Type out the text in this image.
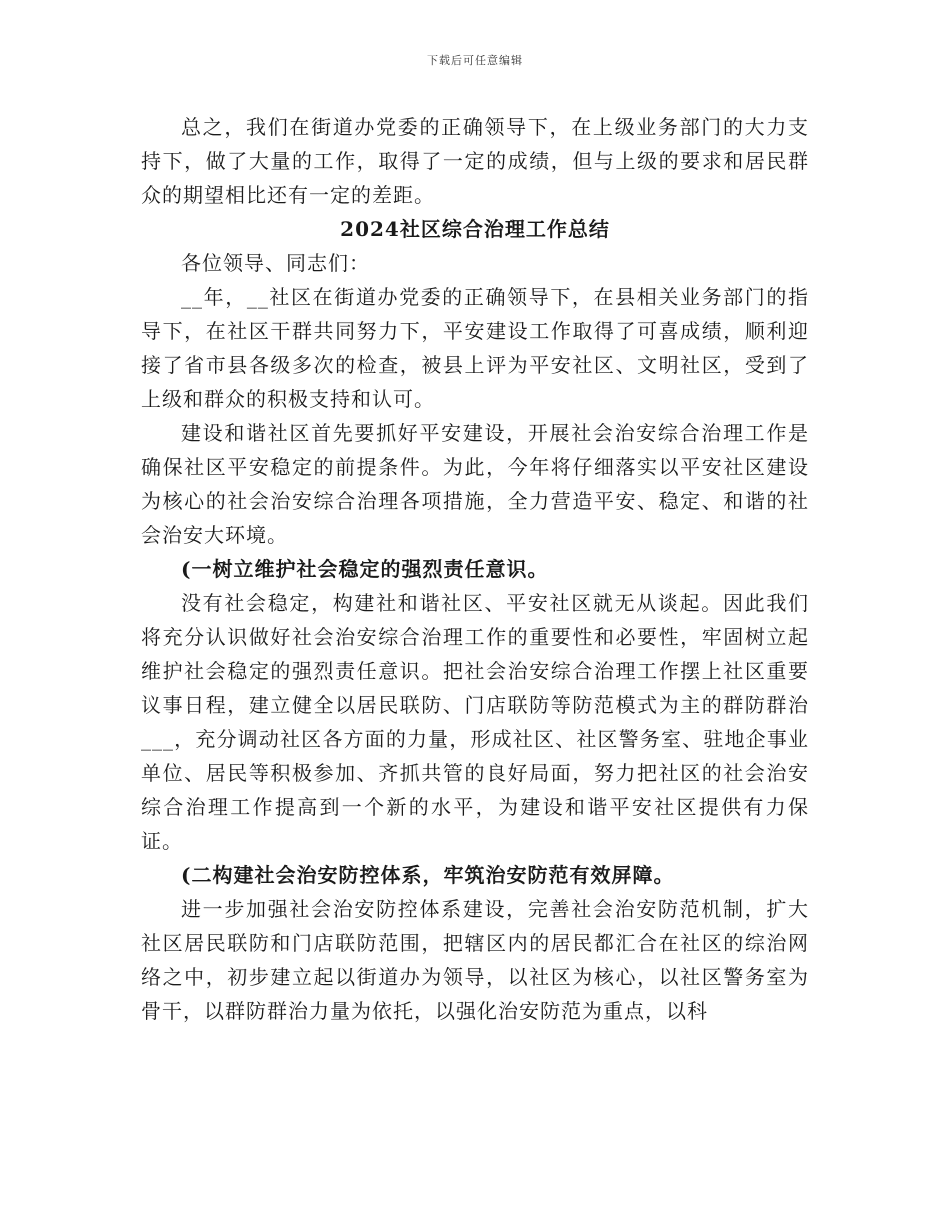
下载后可任意编辑

总之，我们在街道办党委的正确领导下，在上级业务部门的大力支持下，做了大量的工作，取得了一定的成绩，但与上级的要求和居民群众的期望相比还有一定的差距。

2024社区综合治理工作总结

各位领导、同志们：

__年，__社区在街道办党委的正确领导下，在县相关业务部门的指导下，在社区干群共同努力下，平安建设工作取得了可喜成绩，顺利迎接了省市县各级多次的检查，被县上评为平安社区、文明社区，受到了上级和群众的积极支持和认可。

建设和谐社区首先要抓好平安建设，开展社会治安综合治理工作是确保社区平安稳定的前提条件。为此，今年将仔细落实以平安社区建设为核心的社会治安综合治理各项措施，全力营造平安、稳定、和谐的社会治安大环境。

(一树立维护社会稳定的强烈责任意识。

没有社会稳定，构建社和谐社区、平安社区就无从谈起。因此我们将充分认识做好社会治安综合治理工作的重要性和必要性，牢固树立起维护社会稳定的强烈责任意识。把社会治安综合治理工作摆上社区重要议事日程，建立健全以居民联防、门店联防等防范模式为主的群防群治___，充分调动社区各方面的力量，形成社区、社区警务室、驻地企事业单位、居民等积极参加、齐抓共管的良好局面，努力把社区的社会治安综合治理工作提高到一个新的水平，为建设和谐平安社区提供有力保证。

(二构建社会治安防控体系，牢筑治安防范有效屏障。

进一步加强社会治安防控体系建设，完善社会治安防范机制，扩大社区居民联防和门店联防范围，把辖区内的居民都汇合在社区的综治网络之中，初步建立起以街道办为领导，以社区为核心，以社区警务室为骨干，以群防群治力量为依托，以强化治安防范为重点，以科
